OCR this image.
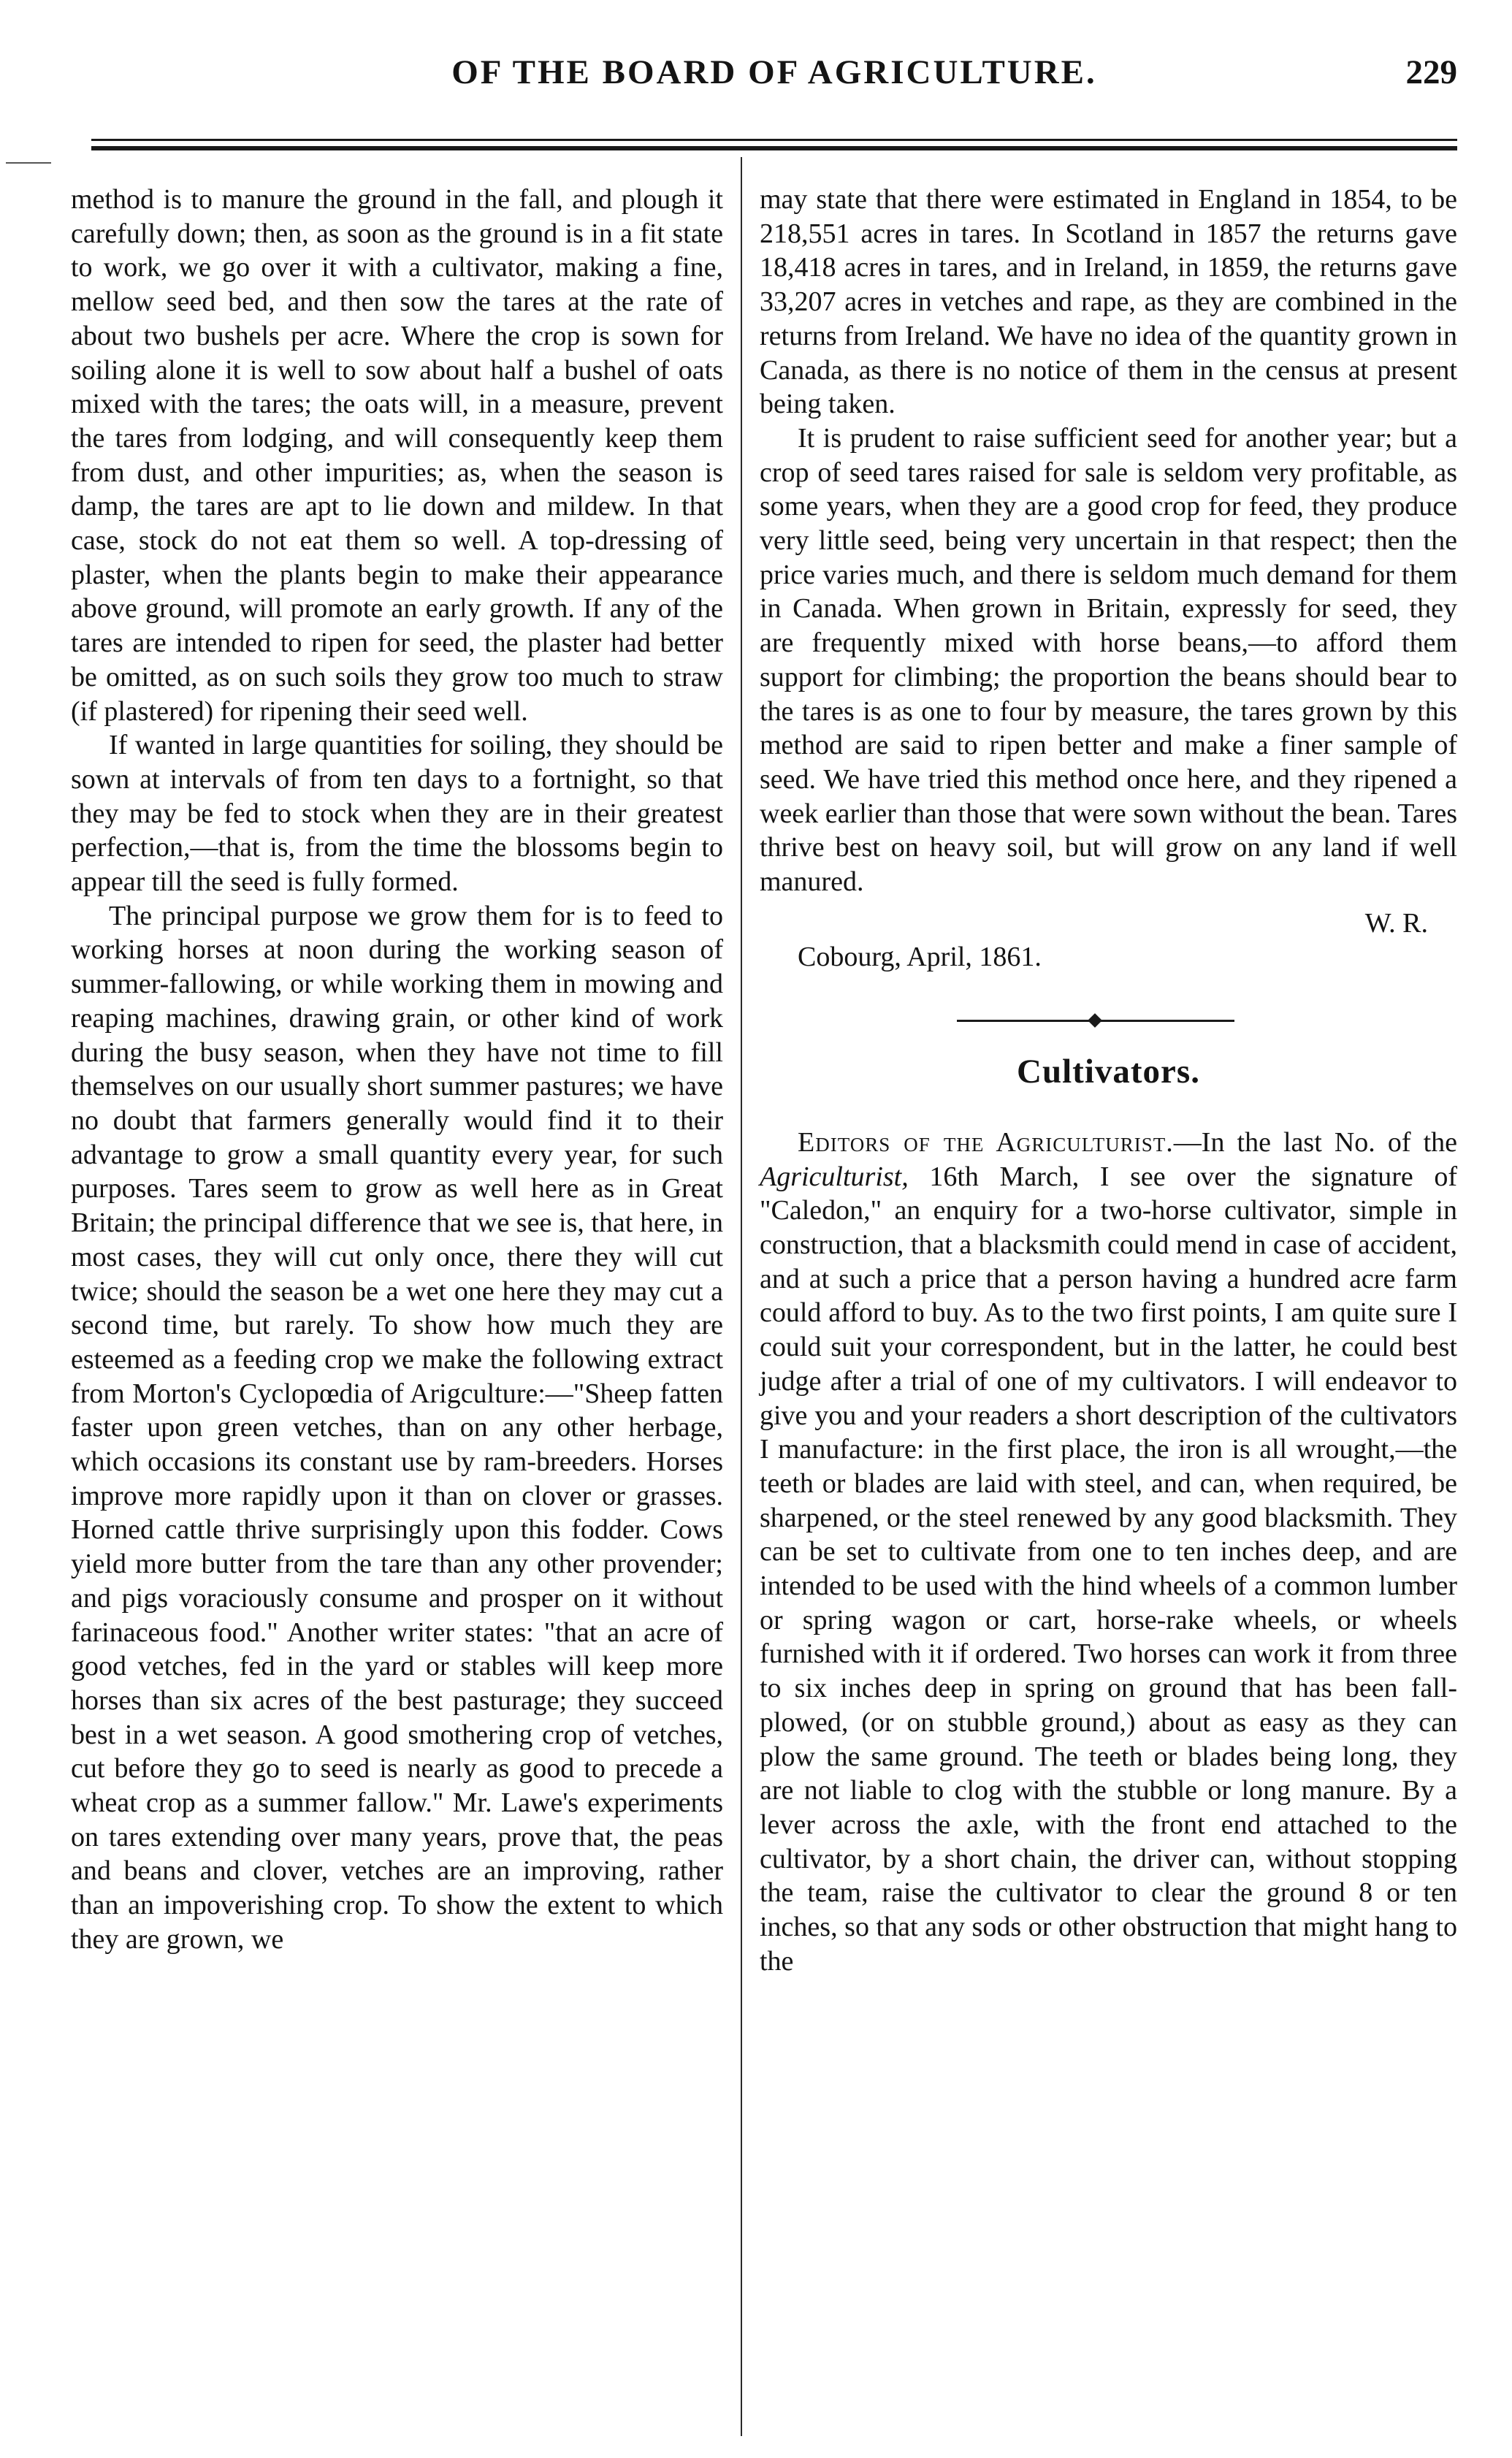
OF THE BOARD OF AGRICULTURE.	229

method is to manure the ground in the fall, and plough it carefully down; then, as soon as the ground is in a fit state to work, we go over it with a cultivator, making a fine, mellow seed bed, and then sow the tares at the rate of about two bushels per acre. Where the crop is sown for soiling alone it is well to sow about half a bushel of oats mixed with the tares; the oats will, in a measure, prevent the tares from lodging, and will consequently keep them from dust, and other impurities; as, when the season is damp, the tares are apt to lie down and mildew. In that case, stock do not eat them so well. A top-dressing of plaster, when the plants begin to make their appearance above ground, will promote an early growth. If any of the tares are intended to ripen for seed, the plaster had better be omitted, as on such soils they grow too much to straw (if plastered) for ripening their seed well.

If wanted in large quantities for soiling, they should be sown at intervals of from ten days to a fortnight, so that they may be fed to stock when they are in their greatest perfection,—that is, from the time the blossoms begin to appear till the seed is fully formed.

The principal purpose we grow them for is to feed to working horses at noon during the working season of summer-fallowing, or while working them in mowing and reaping machines, drawing grain, or other kind of work during the busy season, when they have not time to fill themselves on our usually short summer pastures; we have no doubt that farmers generally would find it to their advantage to grow a small quantity every year, for such purposes. Tares seem to grow as well here as in Great Britain; the principal difference that we see is, that here, in most cases, they will cut only once, there they will cut twice; should the season be a wet one here they may cut a second time, but rarely. To show how much they are esteemed as a feeding crop we make the following extract from Morton's Cyclopœdia of Arigculture:—"Sheep fatten faster upon green vetches, than on any other herbage, which occasions its constant use by ram-breeders. Horses improve more rapidly upon it than on clover or grasses. Horned cattle thrive surprisingly upon this fodder. Cows yield more butter from the tare than any other provender; and pigs voraciously consume and prosper on it without farinaceous food." Another writer states: "that an acre of good vetches, fed in the yard or stables will keep more horses than six acres of the best pasturage; they succeed best in a wet season. A good smothering crop of vetches, cut before they go to seed is nearly as good to precede a wheat crop as a summer fallow." Mr. Lawe's experiments on tares extending over many years, prove that, the peas and beans and clover, vetches are an improving, rather than an impoverishing crop. To show the extent to which they are grown, we

may state that there were estimated in England in 1854, to be 218,551 acres in tares. In Scotland in 1857 the returns gave 18,418 acres in tares, and in Ireland, in 1859, the returns gave 33,207 acres in vetches and rape, as they are combined in the returns from Ireland. We have no idea of the quantity grown in Canada, as there is no notice of them in the census at present being taken.

It is prudent to raise sufficient seed for another year; but a crop of seed tares raised for sale is seldom very profitable, as some years, when they are a good crop for feed, they produce very little seed, being very uncertain in that respect; then the price varies much, and there is seldom much demand for them in Canada. When grown in Britain, expressly for seed, they are frequently mixed with horse beans,—to afford them support for climbing; the proportion the beans should bear to the tares is as one to four by measure, the tares grown by this method are said to ripen better and make a finer sample of seed. We have tried this method once here, and they ripened a week earlier than those that were sown without the bean. Tares thrive best on heavy soil, but will grow on any land if well manured.

W. R.

Cobourg, April, 1861.

Cultivators.

Editors of the Agriculturist.—In the last No. of the Agriculturist, 16th March, I see over the signature of "Caledon," an enquiry for a two-horse cultivator, simple in construction, that a blacksmith could mend in case of accident, and at such a price that a person having a hundred acre farm could afford to buy. As to the two first points, I am quite sure I could suit your correspondent, but in the latter, he could best judge after a trial of one of my cultivators. I will endeavor to give you and your readers a short description of the cultivators I manufacture: in the first place, the iron is all wrought,—the teeth or blades are laid with steel, and can, when required, be sharpened, or the steel renewed by any good blacksmith. They can be set to cultivate from one to ten inches deep, and are intended to be used with the hind wheels of a common lumber or spring wagon or cart, horse-rake wheels, or wheels furnished with it if ordered. Two horses can work it from three to six inches deep in spring on ground that has been fall-plowed, (or on stubble ground,) about as easy as they can plow the same ground. The teeth or blades being long, they are not liable to clog with the stubble or long manure. By a lever across the axle, with the front end attached to the cultivator, by a short chain, the driver can, without stopping the team, raise the cultivator to clear the ground 8 or ten inches, so that any sods or other obstruction that might hang to the
